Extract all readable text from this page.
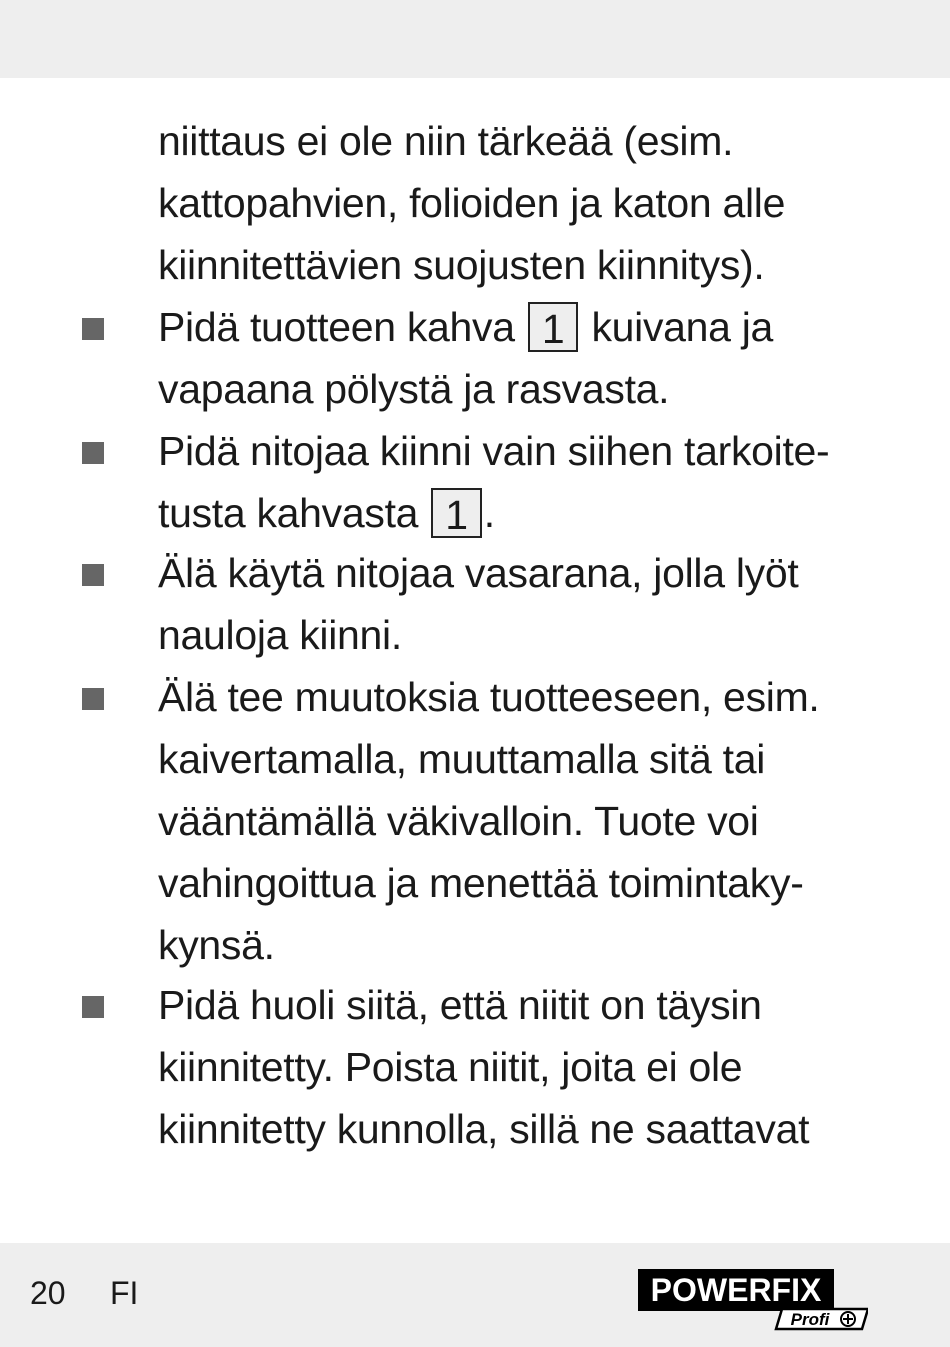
niittaus ei ole niin tärkeää (esim.
kattopahvien, folioiden ja katon alle
kiinnitettävien suojusten kiinnitys).
Pidä tuotteen kahva 1 kuivana ja
vapaana pölystä ja rasvasta.
Pidä nitojaa kiinni vain siihen tarkoite-
tusta kahvasta 1 .
Älä käytä nitojaa vasarana, jolla lyöt
nauloja kiinni.
Älä tee muutoksia tuotteeseen, esim.
kaivertamalla, muuttamalla sitä tai
vääntämällä väkivalloin. Tuote voi
vahingoittua ja menettää toimintaky-
kynsä.
Pidä huoli siitä, että niitit on täysin
kiinnitetty. Poista niitit, joita ei ole
kiinnitetty kunnolla, sillä ne saattavat
20 FI	POWERFIX
Profi
